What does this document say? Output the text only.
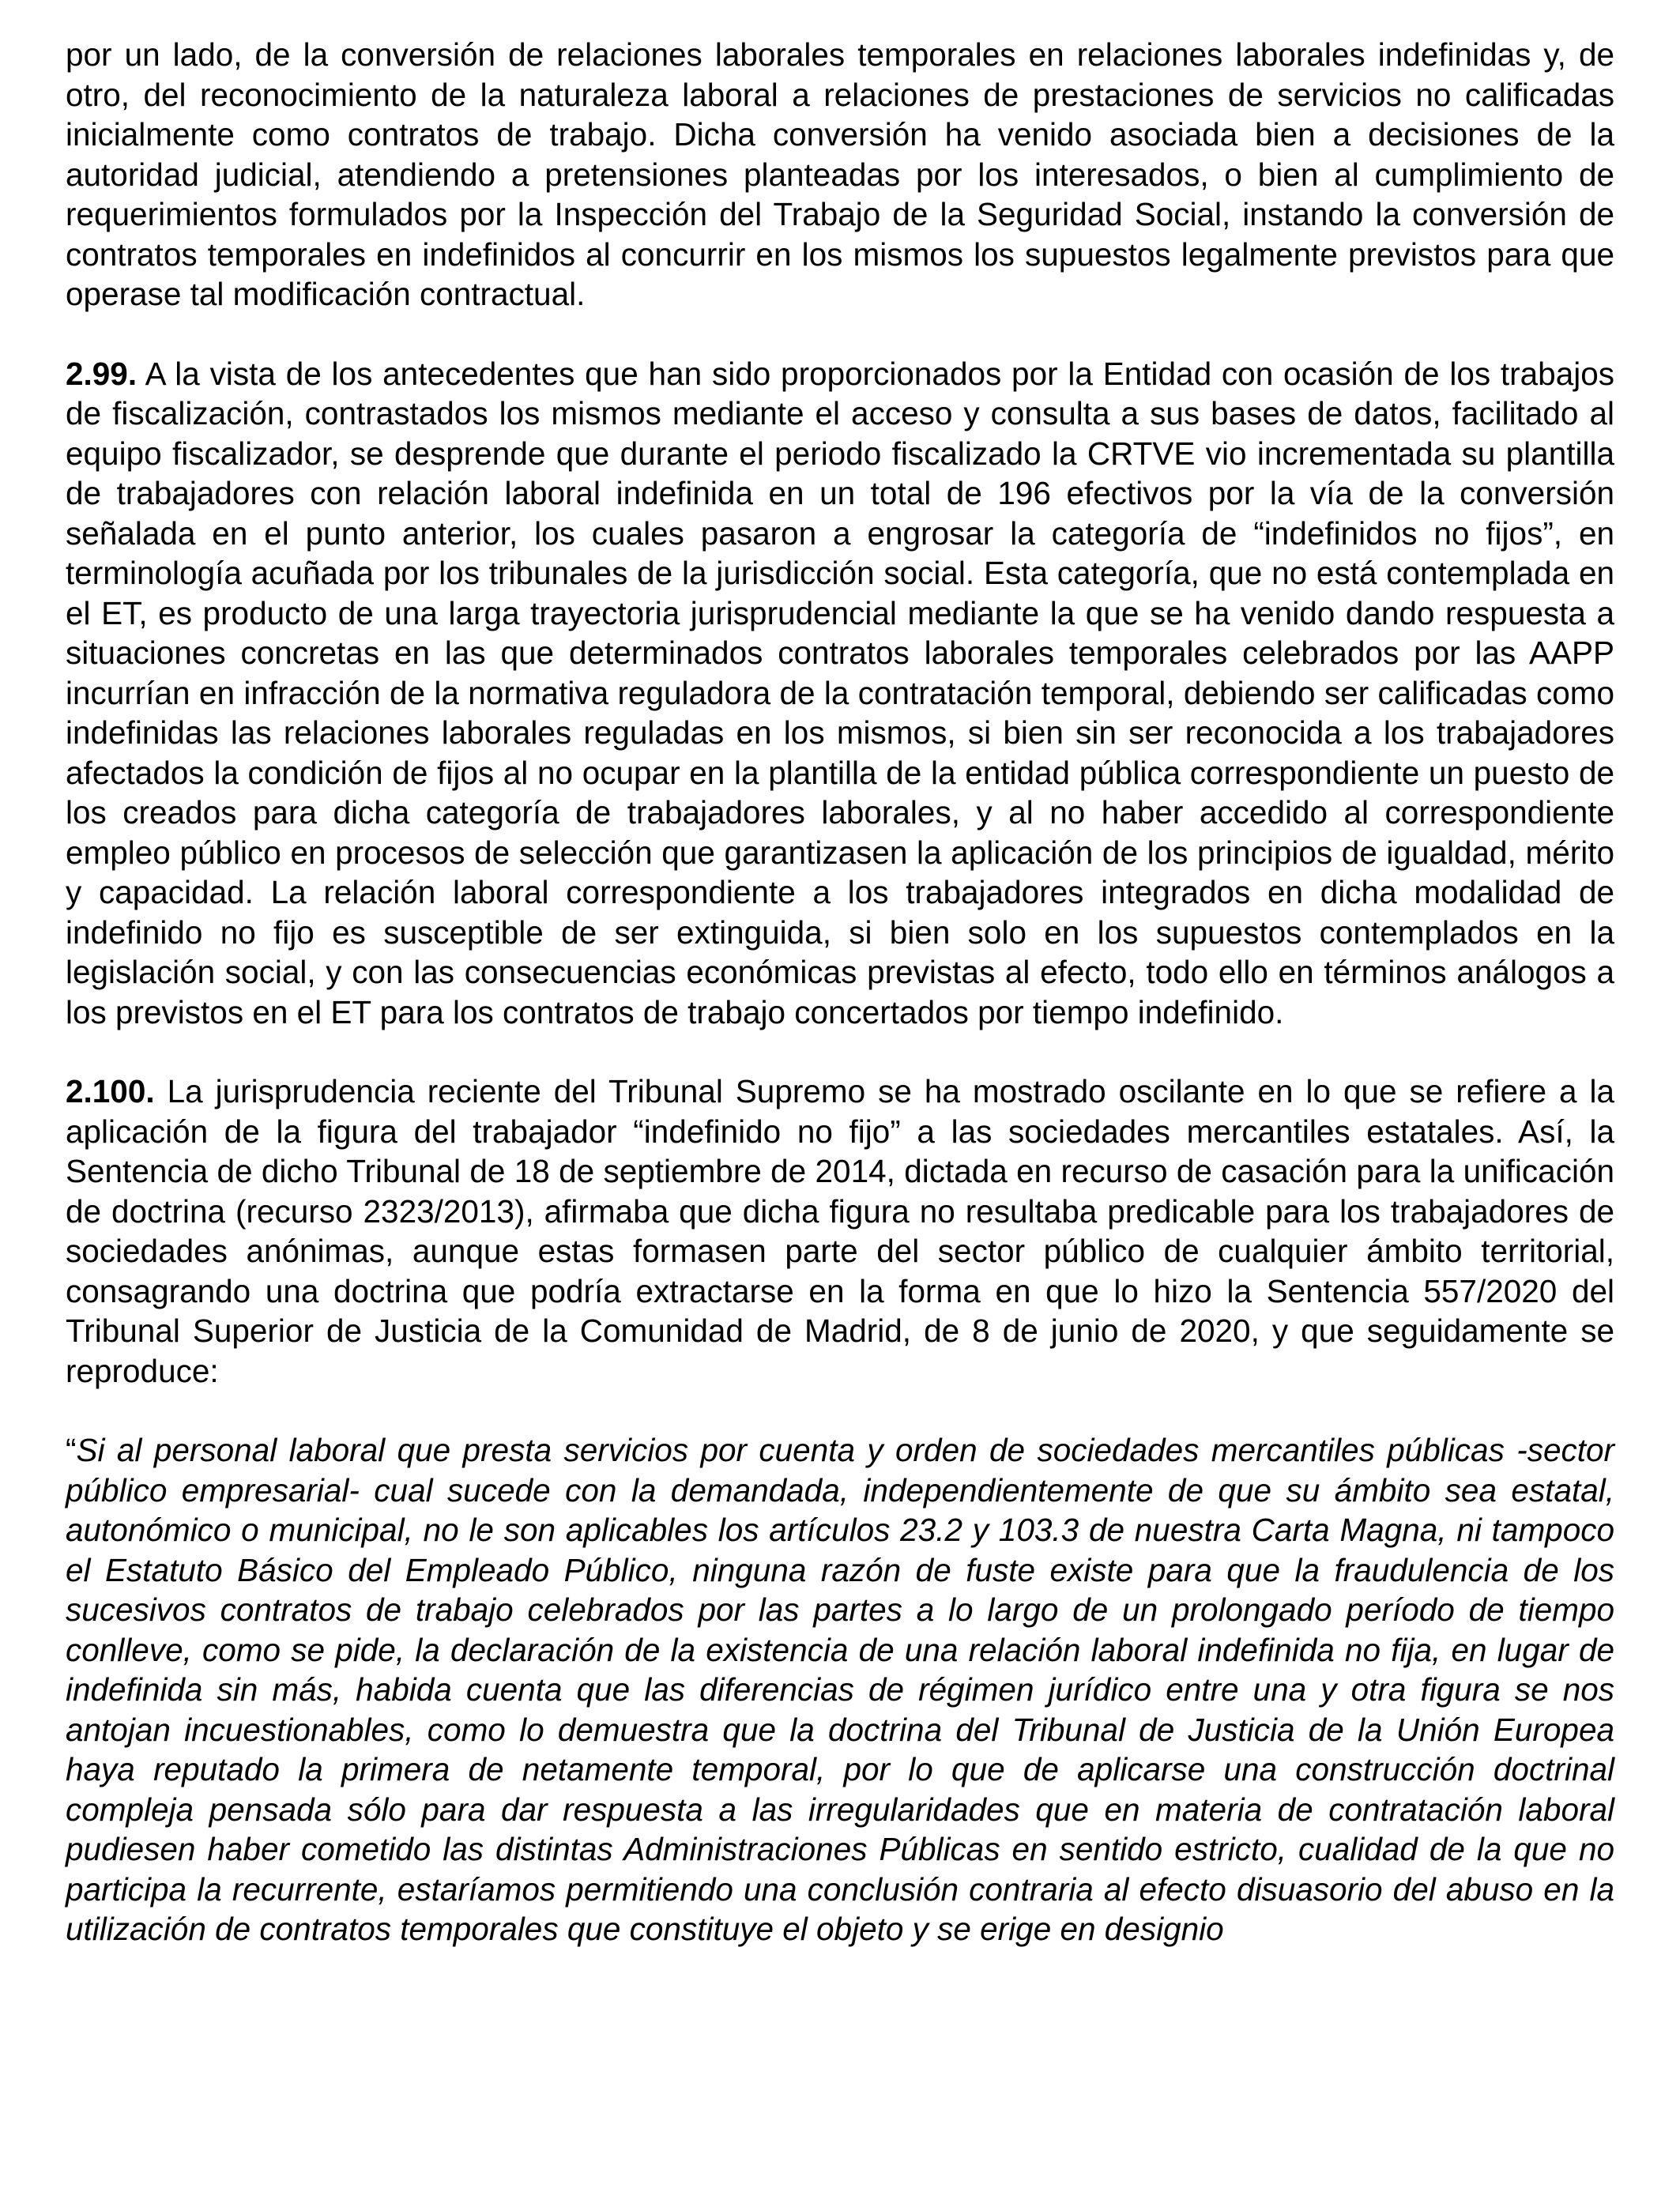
por un lado, de la conversión de relaciones laborales temporales en relaciones laborales indefinidas y, de otro, del reconocimiento de la naturaleza laboral a relaciones de prestaciones de servicios no calificadas inicialmente como contratos de trabajo. Dicha conversión ha venido asociada bien a decisiones de la autoridad judicial, atendiendo a pretensiones planteadas por los interesados, o bien al cumplimiento de requerimientos formulados por la Inspección del Trabajo de la Seguridad Social, instando la conversión de contratos temporales en indefinidos al concurrir en los mismos los supuestos legalmente previstos para que operase tal modificación contractual.

2.99. A la vista de los antecedentes que han sido proporcionados por la Entidad con ocasión de los trabajos de fiscalización, contrastados los mismos mediante el acceso y consulta a sus bases de datos, facilitado al equipo fiscalizador, se desprende que durante el periodo fiscalizado la CRTVE vio incrementada su plantilla de trabajadores con relación laboral indefinida en un total de 196 efectivos por la vía de la conversión señalada en el punto anterior, los cuales pasaron a engrosar la categoría de “indefinidos no fijos”, en terminología acuñada por los tribunales de la jurisdicción social. Esta categoría, que no está contemplada en el ET, es producto de una larga trayectoria jurisprudencial mediante la que se ha venido dando respuesta a situaciones concretas en las que determinados contratos laborales temporales celebrados por las AAPP incurrían en infracción de la normativa reguladora de la contratación temporal, debiendo ser calificadas como indefinidas las relaciones laborales reguladas en los mismos, si bien sin ser reconocida a los trabajadores afectados la condición de fijos al no ocupar en la plantilla de la entidad pública correspondiente un puesto de los creados para dicha categoría de trabajadores laborales, y al no haber accedido al correspondiente empleo público en procesos de selección que garantizasen la aplicación de los principios de igualdad, mérito y capacidad. La relación laboral correspondiente a los trabajadores integrados en dicha modalidad de indefinido no fijo es susceptible de ser extinguida, si bien solo en los supuestos contemplados en la legislación social, y con las consecuencias económicas previstas al efecto, todo ello en términos análogos a los previstos en el ET para los contratos de trabajo concertados por tiempo indefinido.

2.100. La jurisprudencia reciente del Tribunal Supremo se ha mostrado oscilante en lo que se refiere a la aplicación de la figura del trabajador “indefinido no fijo” a las sociedades mercantiles estatales. Así, la Sentencia de dicho Tribunal de 18 de septiembre de 2014, dictada en recurso de casación para la unificación de doctrina (recurso 2323/2013), afirmaba que dicha figura no resultaba predicable para los trabajadores de sociedades anónimas, aunque estas formasen parte del sector público de cualquier ámbito territorial, consagrando una doctrina que podría extractarse en la forma en que lo hizo la Sentencia 557/2020 del Tribunal Superior de Justicia de la Comunidad de Madrid, de 8 de junio de 2020, y que seguidamente se reproduce:

“Si al personal laboral que presta servicios por cuenta y orden de sociedades mercantiles públicas -sector público empresarial- cual sucede con la demandada, independientemente de que su ámbito sea estatal, autonómico o municipal, no le son aplicables los artículos 23.2 y 103.3 de nuestra Carta Magna, ni tampoco el Estatuto Básico del Empleado Público, ninguna razón de fuste existe para que la fraudulencia de los sucesivos contratos de trabajo celebrados por las partes a lo largo de un prolongado período de tiempo conlleve, como se pide, la declaración de la existencia de una relación laboral indefinida no fija, en lugar de indefinida sin más, habida cuenta que las diferencias de régimen jurídico entre una y otra figura se nos antojan incuestionables, como lo demuestra que la doctrina del Tribunal de Justicia de la Unión Europea haya reputado la primera de netamente temporal, por lo que de aplicarse una construcción doctrinal compleja pensada sólo para dar respuesta a las irregularidades que en materia de contratación laboral pudiesen haber cometido las distintas Administraciones Públicas en sentido estricto, cualidad de la que no participa la recurrente, estaríamos permitiendo una conclusión contraria al efecto disuasorio del abuso en la utilización de contratos temporales que constituye el objeto y se erige en designio
